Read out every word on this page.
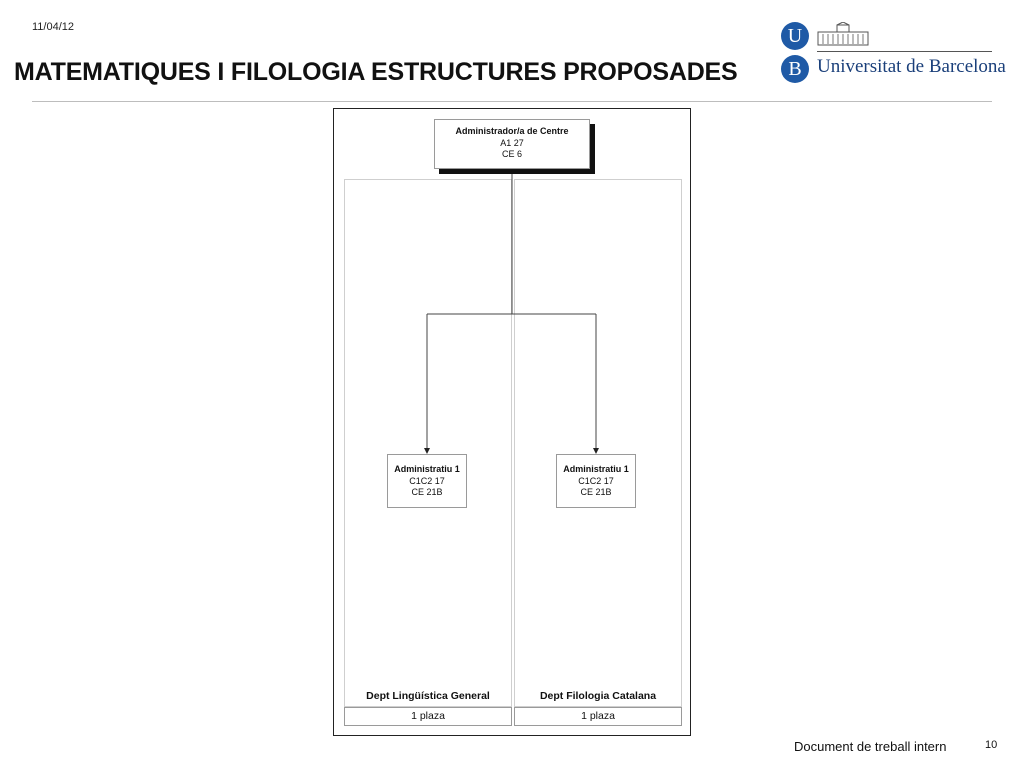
11/04/12
MATEMATIQUES I FILOLOGIA ESTRUCTURES PROPOSADES
U
B Universitat de Barcelona
Dept Lingüística General	Dept Filologia Catalana
1 plaza	1 plaza
Administrador/a de Centre
A1 27
CE 6
Administratiu 1
C1C2 17
CE 21B
Administratiu 1
C1C2 17
CE 21B
Document de treball intern	10
